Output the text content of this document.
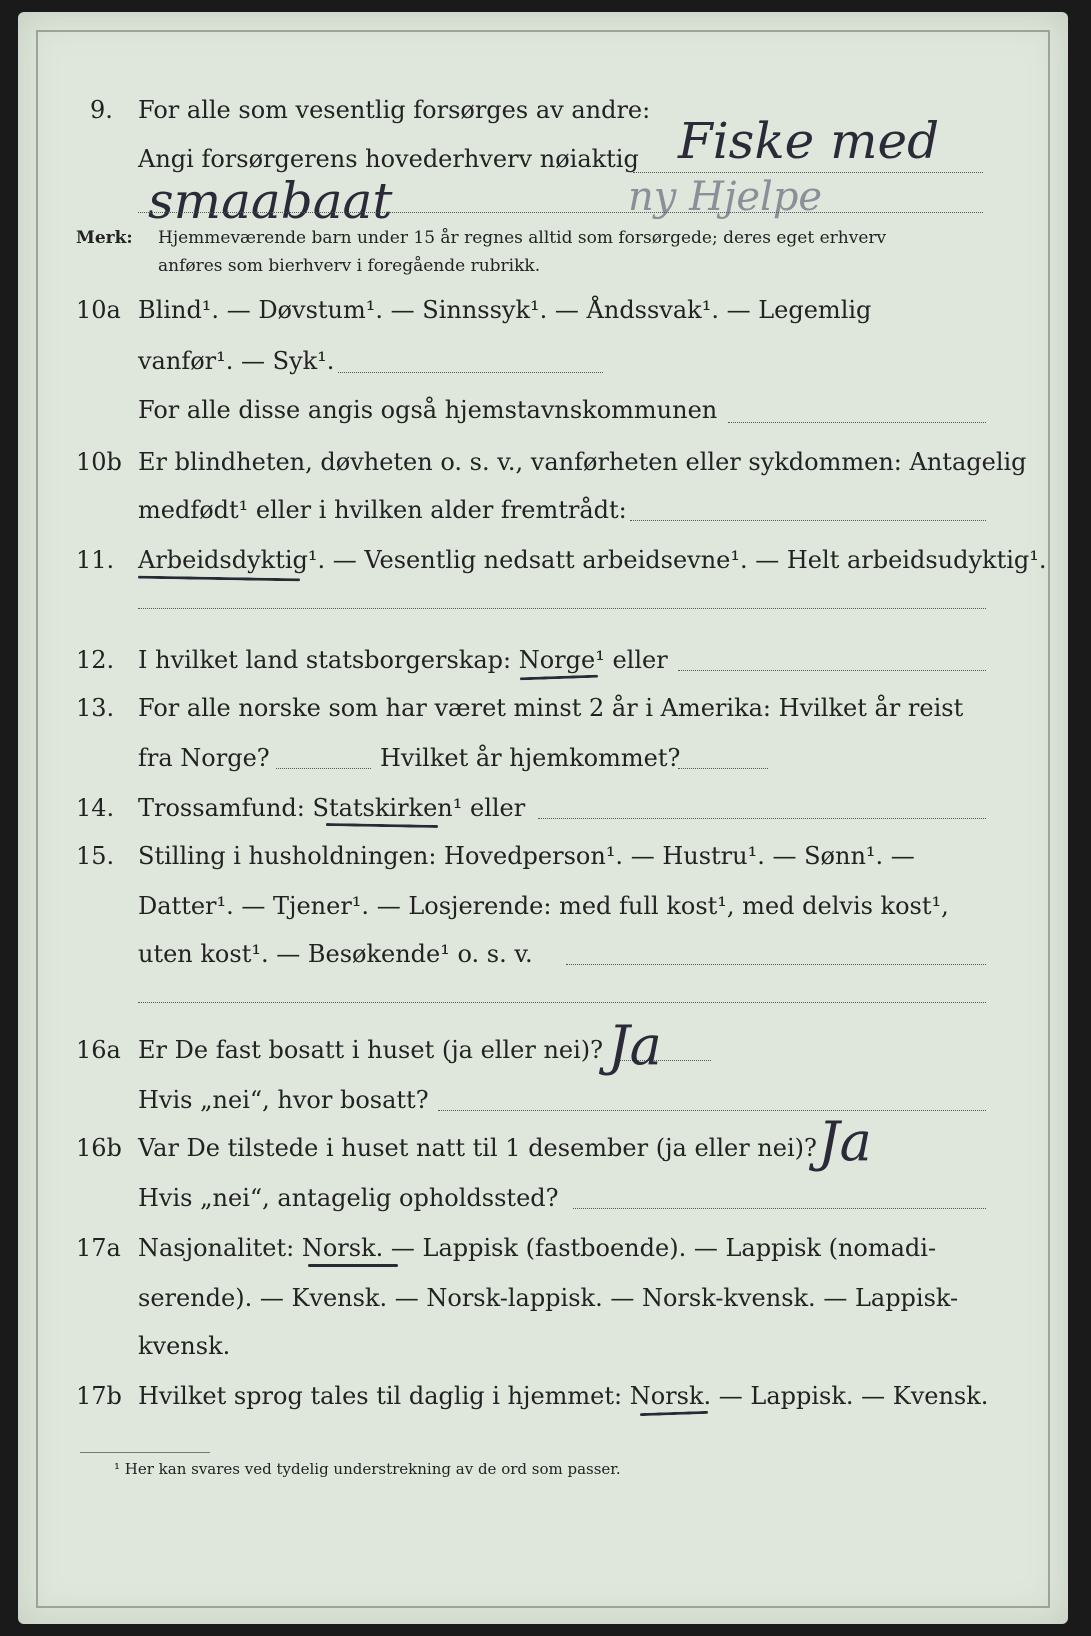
9. For alle som vesentlig forsørges av andre:
Angi forsørgerens hovederhverv nøiaktig Fiske med
smaabaat	ny Hjelpe
Merk: Hjemmeværende barn under 15 år regnes alltid som forsørgede; deres eget erhverv
anføres som bierhverv i foregående rubrikk.
10a Blind¹. — Døvstum¹. — Sinnssyk¹. — Åndssvak¹. — Legemlig
vanfør¹. — Syk¹.
For alle disse angis også hjemstavnskommunen
10b Er blindheten, døvheten o. s. v., vanførheten eller sykdommen: Antagelig
medfødt¹ eller i hvilken alder fremtrådt:
11. Arbeidsdyktig¹. — Vesentlig nedsatt arbeidsevne¹. — Helt arbeidsudyktig¹.
12. I hvilket land statsborgerskap: Norge¹ eller
13. For alle norske som har været minst 2 år i Amerika: Hvilket år reist
fra Norge?	Hvilket år hjemkommet?
14. Trossamfund: Statskirken¹ eller
15. Stilling i husholdningen: Hovedperson¹. — Hustru¹. — Sønn¹. —
Datter¹. — Tjener¹. — Losjerende: med full kost¹, med delvis kost¹,
uten kost¹. — Besøkende¹ o. s. v.
16a Er De fast bosatt i huset (ja eller nei)? Ja
Hvis „nei“, hvor bosatt?
16b Var De tilstede i huset natt til 1 desember (ja eller nei)? Ja
Hvis „nei“, antagelig opholdssted?
17a Nasjonalitet: Norsk. — Lappisk (fastboende). — Lappisk (nomadi-
serende). — Kvensk. — Norsk-lappisk. — Norsk-kvensk. — Lappisk-
kvensk.
17b Hvilket sprog tales til daglig i hjemmet: Norsk. — Lappisk. — Kvensk.
¹ Her kan svares ved tydelig understrekning av de ord som passer.
